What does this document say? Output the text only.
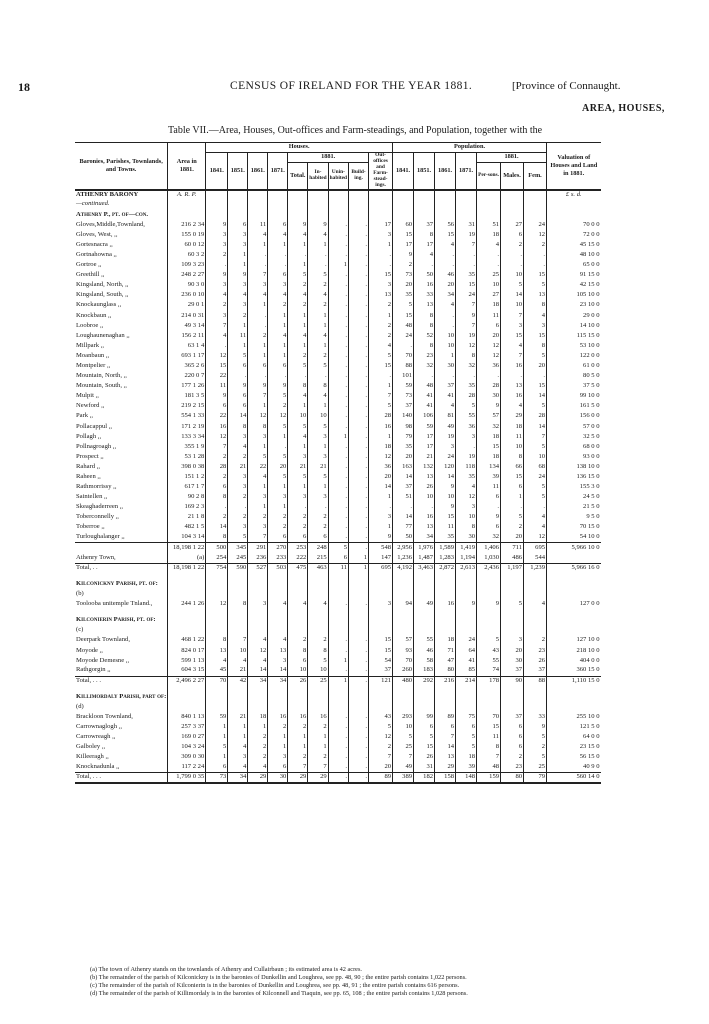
18	CENSUS OF IRELAND FOR THE YEAR 1881.	[Province of Connaught.
AREA, HOUSES,
Table VII.—Area, Houses, Out-offices and Farm-steadings, and Population, together with the
Baronies, Parishes, Townlands, and Towns.	Area in 1881.	Houses.									Population.							Valuation of Houses and Land in 1881.
		1841.	1851.	1861.	1871.	1881.				Out-offices and Farm-stead-ings.	1841.	1851.	1861.	1871.	1881.			
						Total.	In-habited	Unin-habited	Build-ing.						Per-sons.	Males.	Fem.	

ATHENRY BARONY	A. R. P.																	£ s. d.
—continued.																		
Athenry P., pt. of—con.																		
Gloves,Middle,Townland,	216 2 34	9	6	11	6	9	9	.	.	17	60	37	56	31	51	27	24	70 0 0
Gloves, West, ,,	155 0 19	3	3	4	4	4	4	.	.	3	15	8	15	19	18	6	12	72 0 0
Gortesnacra ,,	60 0 12	3	3	1	1	1	1	.	.	1	17	17	4	7	4	2	2	45 15 0
Gortnahowna ,,	60 3 2	2	1	.	.	.	.	.	.	.	9	4	.	.	.	.	.	48 10 0
Gortroe ,,	109 3 23	.	1	.	.	1	.	1	.	.	2	.	.	.	.	.	.	65 0 0
Greethill ,,	248 2 27	9	9	7	6	5	5	.	.	15	73	50	46	35	25	10	15	91 15 0
Kingsland, North, ,,	90 3 0	3	3	3	3	2	2	.	.	3	20	16	20	15	10	5	5	42 15 0
Kingsland, South, ,,	236 0 10	4	4	4	4	4	4	.	.	13	35	33	34	24	27	14	13	105 10 0
Knockaunglass ,,	29 0 1	2	3	1	2	2	2	.	.	2	5	13	4	7	18	10	8	23 10 0
Knockbaun ,,	214 0 31	3	2	.	1	1	1	.	.	1	15	8	.	9	11	7	4	29 0 0
Loobroe ,,	49 3 14	7	1	.	1	1	1	.	.	2	48	8	.	7	6	3	3	14 10 0
Loughaunenaghan ,,	156 2 11	4	11	2	4	4	4	.	.	2	24	52	10	19	20	15	15	115 15 0
Millpark ,,	63 1 4	.	1	1	1	1	1	.	.	4	.	8	10	12	12	4	8	53 10 0
Moanbaun ,,	693 1 17	12	5	1	1	2	2	.	.	5	70	23	1	8	12	7	5	122 0 0
Montpelier ,,	365 2 6	15	6	6	6	5	5	.	.	15	88	32	30	32	36	16	20	61 0 0
Mountain, North, ,,	220 0 7	22	.	.	.	.	.	.	.	.	101	.	.	.	.	.	.	80 5 0
Mountain, South, ,,	177 1 26	11	9	9	9	8	8	.	.	1	59	48	37	35	28	13	15	37 5 0
Mulpit ,,	181 3 5	9	6	7	5	4	4	.	.	7	73	41	41	28	30	16	14	99 10 0
Newford ,,	219 2 15	6	6	1	2	1	1	.	.	5	37	41	4	5	9	4	5	161 5 0
Park ,,	554 1 33	22	14	12	12	10	10	.	.	28	140	106	81	55	57	29	28	156 0 0
Pollacappul ,,	171 2 19	16	8	8	5	5	5	.	.	16	98	59	49	36	32	18	14	57 0 0
Pollagh ,,	133 3 34	12	3	3	1	4	3	1	.	1	79	17	19	3	18	11	7	32 5 0
Pollnagroagh ,,	355 1 9	7	4	1	.	1	1	.	.	18	35	17	3	.	15	10	5	68 0 0
Prospect ,,	53 1 28	2	2	5	5	3	3	.	.	12	20	21	24	19	18	8	10	93 0 0
Rahard ,,	398 0 38	28	21	22	20	21	21	.	.	36	163	132	120	118	134	66	68	138 10 0
Raheen ,,	151 1 2	2	3	4	5	5	5	.	.	20	14	13	14	35	39	15	24	136 15 0
Rathmorrissy ,,	617 1 7	6	3	1	1	1	1	.	.	14	37	26	9	4	11	6	5	155 3 0
Saintellen ,,	90 2 8	8	2	3	3	3	3	.	.	1	51	10	10	12	6	1	5	24 5 0
Skeaghaderreen ,,	169 2 3	.	.	1	1	.	.	.	.	.	.	.	9	3	.	.	.	21 5 0
Toberconnelly ,,	21 1 8	2	2	2	2	2	2	.	.	3	14	16	15	10	9	5	4	9 5 0
Toberroe ,,	482 1 5	14	3	3	2	2	2	.	.	1	77	13	11	8	6	2	4	70 15 0
Turloughalanger ,,	104 3 14	8	5	7	6	6	6	.	.	9	50	34	35	30	32	20	12	54 10 0
	18,198 1 22	500	345	291	270	253	248	5	.	548	2,956	1,976	1,589	1,419	1,406	711	695	5,966 10 0
Athenry Town,	(a)	254	245	236	233	222	215	6	1	147	1,236	1,487	1,283	1,194	1,030	486	544	
Total, . .	18,198 1 22	754	590	527	503	475	463	11	1	695	4,192	3,463	2,872	2,613	2,436	1,197	1,239	5,966 16 0

Kilconickny Parish, pt. of:																		
(b)																		
Toolooba unitemple Tnland.,	244 1 26	12	8	3	4	4	4	.	.	3	94	49	16	9	9	5	4	127 0 0

Kilconierin Parish, pt. of:																		
(c)																		
Deerpark Townland,	468 1 22	8	7	4	4	2	2	.	.	15	57	55	18	24	5	3	2	127 10 0
Moyode ,,	824 0 17	13	10	12	13	8	8	.	.	15	93	46	71	64	43	20	23	218 10 0
Moyode Demesne ,,	599 1 13	4	4	4	3	6	5	1	.	54	70	58	47	41	55	30	26	404 0 0
Rathgorgin ,,	604 3 15	45	21	14	14	10	10	.	.	37	260	183	80	85	74	37	37	360 15 0
Total, . . .	2,496 2 27	70	42	34	34	26	25	1	.	121	480	292	216	214	178	90	88	1,110 15 0

Killimordaly Parish, part of:																		
(d)																		
Brackloon Townland,	840 1 13	59	21	18	16	16	16	.	.	43	293	99	89	75	70	37	33	255 10 0
Carrownaglogh ,,	257 3 37	1	1	1	2	2	2	.	.	5	10	6	6	6	15	6	9	121 5 0
Carrowreagh ,,	169 0 27	1	1	2	1	1	1	.	.	12	5	5	7	5	11	6	5	64 0 0
Galboley ,,	104 3 24	5	4	2	1	1	1	.	.	2	25	15	14	5	8	6	2	23 15 0
Killeeragh ,,	309 0 30	1	3	2	3	2	2	.	.	7	7	26	13	18	7	2	5	56 15 0
Knocknadunla ,,	117 2 24	6	4	4	6	7	7	.	.	20	49	31	29	39	48	23	25	40 9 0
Total, . . .	1,799 0 35	73	34	29	30	29	29	.	.	89	389	182	158	148	159	80	79	560 14 0
(a) The town of Athenry stands on the townlands of Athenry and Cullairbaun ; its estimated area is 42 acres.
(b) The remainder of the parish of Kilconickny is in the baronies of Dunkellin and Loughrea, see pp. 48, 90 ; the entire parish contains 1,022 persons.
(c) The remainder of the parish of Kilconierin is in the baronies of Dunkellin and Loughrea, see pp. 48, 91 ; the entire parish contains 616 persons.
(d) The remainder of the parish of Killimordaly is in the baronies of Kilconnell and Tiaquin, see pp. 65, 108 ; the entire parish contains 1,028 persons.
